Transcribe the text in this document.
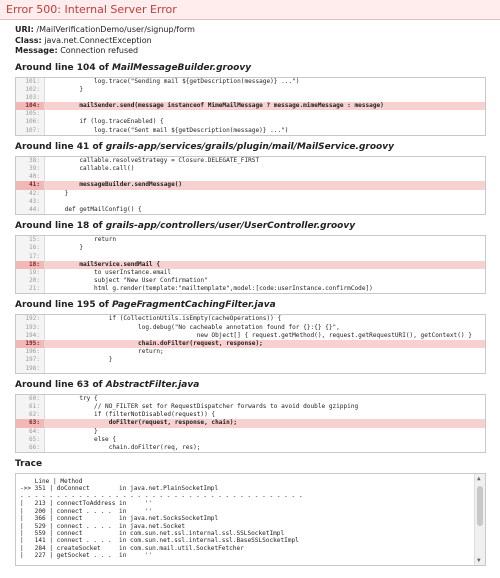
Error 500: Internal Server Error
URI: /MailVerificationDemo/user/signup/form
Class: java.net.ConnectException
Message: Connection refused
Around line 104 of MailMessageBuilder.groovy
101:	log.trace("Sending mail ${getDescription(message)} ...")
102:	}
103:
104:	mailSender.send(message instanceof MimeMailMessage ? message.mimeMessage : message)
105:
106:	if (log.traceEnabled) {
107:	log.trace("Sent mail ${getDescription(message)} ...")
Around line 41 of grails-app/services/grails/plugin/mail/MailService.groovy
38:	callable.resolveStrategy = Closure.DELEGATE_FIRST
39:	callable.call()
40:
41:	messageBuilder.sendMessage()
42:	}
43:
44:	def getMailConfig() {
Around line 18 of grails-app/controllers/user/UserController.groovy
15:	return
16:	}
17:
18:	mailService.sendMail {
19:	to userInstance.email
20:	subject "New User Confirmation"
21:	html g.render(template:"mailtemplate",model:[code:userInstance.confirmCode])
Around line 195 of PageFragmentCachingFilter.java
192:	if (CollectionUtils.isEmpty(cacheOperations)) {
193:	log.debug("No cacheable annotation found for {}:{} {}",
194:	new Object[] { request.getMethod(), request.getRequestURI(), getContext() }
195:	chain.doFilter(request, response);
196:	return;
197:	}
198:
Around line 63 of AbstractFilter.java
60:	try {
61:	// NO_FILTER set for RequestDispatcher forwards to avoid double gzipping
62:	if (filterNotDisabled(request)) {
63:	doFilter(request, response, chain);
64:	}
65:	else {
66:	chain.doFilter(req, res);
Trace
Line | Method
->> 351 | doConnect        in java.net.PlainSocketImpl
- - - - - - - - - - - - - - - - - - - - - - - - - - - - - - - - - - - - - - -
|   213 | connectToAddress in     ''
|   200 | connect . . . .  in     ''
|   366 | connect          in java.net.SocksSocketImpl
|   529 | connect . . . .  in java.net.Socket
|   559 | connect          in com.sun.net.ssl.internal.ssl.SSLSocketImpl
|   141 | connect . . . .  in com.sun.net.ssl.internal.ssl.BaseSSLSocketImpl
|   284 | createSocket     in com.sun.mail.util.SocketFetcher
|   227 | getSocket . . .  in     ''
▲
▼
